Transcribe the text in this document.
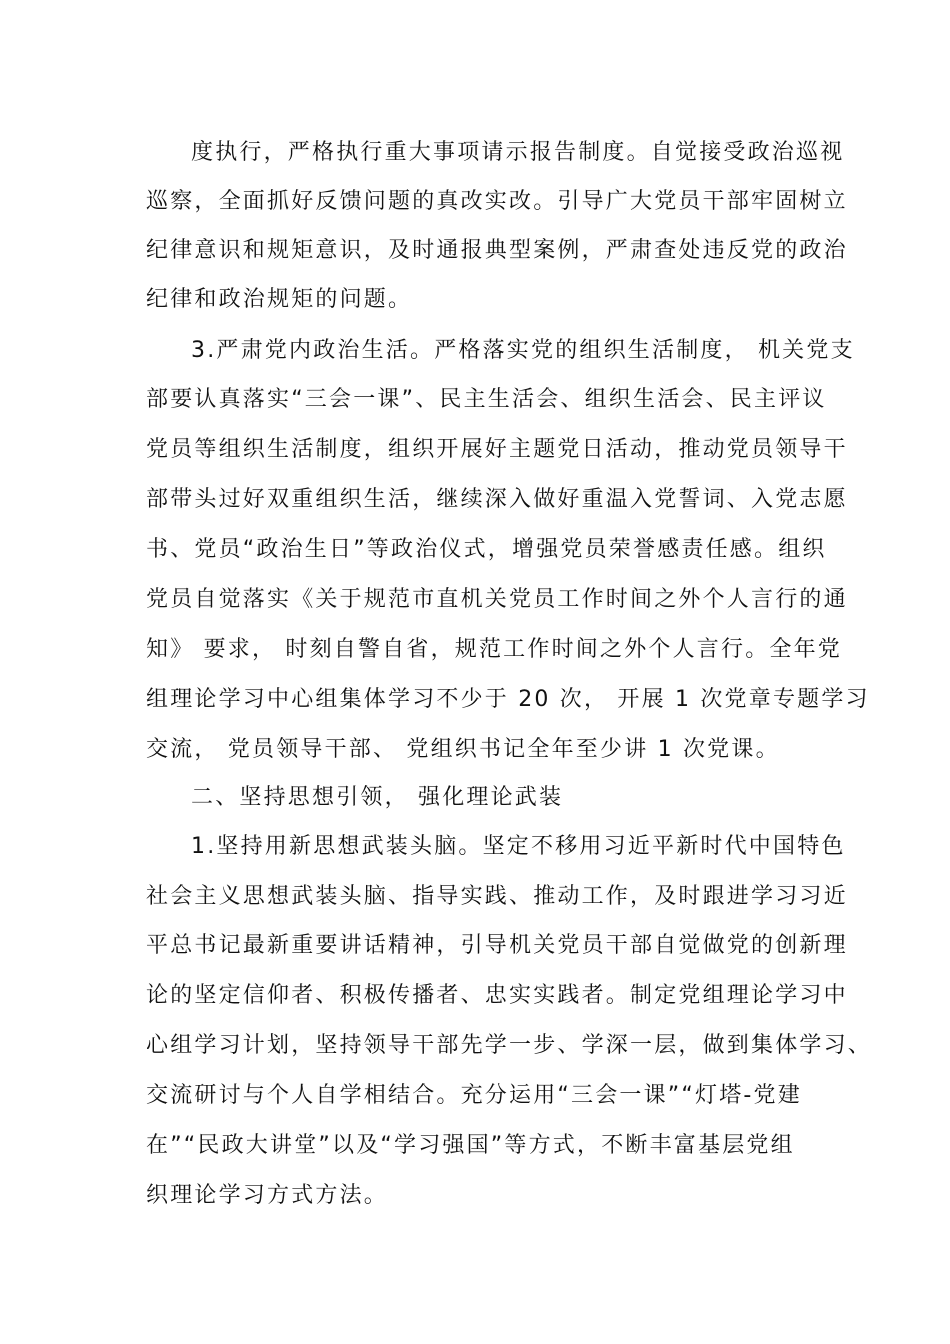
度执行，严格执行重大事项请示报告制度。自觉接受政治巡视
巡察，全面抓好反馈问题的真改实改。引导广大党员干部牢固树立
纪律意识和规矩意识，及时通报典型案例，严肃查处违反党的政治
纪律和政治规矩的问题。
3.严肃党内政治生活。严格落实党的组织生活制度， 机关党支
部要认真落实“三会一课”、民主生活会、组织生活会、民主评议
党员等组织生活制度，组织开展好主题党日活动，推动党员领导干
部带头过好双重组织生活，继续深入做好重温入党誓词、入党志愿
书、党员“政治生日”等政治仪式，增强党员荣誉感责任感。组织
党员自觉落实《关于规范市直机关党员工作时间之外个人言行的通
知》 要求， 时刻自警自省，规范工作时间之外个人言行。全年党
组理论学习中心组集体学习不少于 20 次， 开展 1 次党章专题学习
交流， 党员领导干部、 党组织书记全年至少讲 1 次党课。
二、坚持思想引领， 强化理论武装
1.坚持用新思想武装头脑。坚定不移用习近平新时代中国特色
社会主义思想武装头脑、指导实践、推动工作，及时跟进学习习近
平总书记最新重要讲话精神，引导机关党员干部自觉做党的创新理
论的坚定信仰者、积极传播者、忠实实践者。制定党组理论学习中
心组学习计划，坚持领导干部先学一步、学深一层，做到集体学习、
交流研讨与个人自学相结合。充分运用“三会一课”“灯塔-党建
在”“民政大讲堂”以及“学习强国”等方式，不断丰富基层党组
织理论学习方式方法。
